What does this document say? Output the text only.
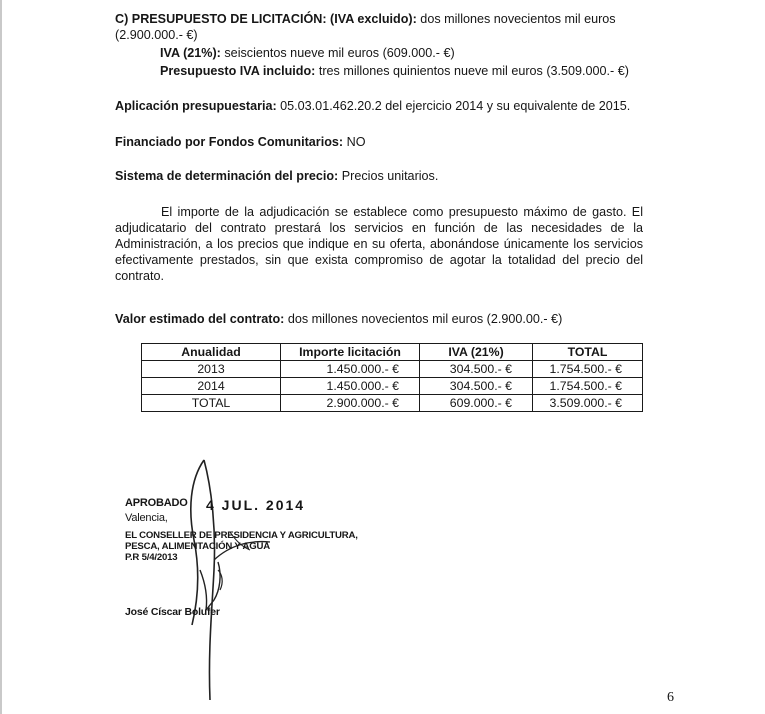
C) PRESUPUESTO DE LICITACIÓN: (IVA excluido): dos millones novecientos mil euros
(2.900.000.- €)
IVA (21%): seiscientos nueve mil euros (609.000.- €)
Presupuesto IVA incluido: tres millones quinientos nueve mil euros (3.509.000.- €)
Aplicación presupuestaria: 05.03.01.462.20.2 del ejercicio 2014 y su equivalente de 2015.
Financiado por Fondos Comunitarios: NO
Sistema de determinación del precio: Precios unitarios.
El importe de la adjudicación se establece como presupuesto máximo de gasto. El adjudicatario del contrato prestará los servicios en función de las necesidades de la Administración, a los precios que indique en su oferta, abonándose únicamente los servicios efectivamente prestados, sin que exista compromiso de agotar la totalidad del precio del contrato.
Valor estimado del contrato: dos millones novecientos mil euros (2.900.00.- €)
Anualidad	Importe licitación	IVA (21%)	TOTAL
2013	1.450.000.- €	304.500.- €	1.754.500.- €
2014	1.450.000.- €	304.500.- €	1.754.500.- €
TOTAL	2.900.000.- €	609.000.- €	3.509.000.- €
APROBADO 4 JUL. 2014
Valencia,
EL CONSELLER DE PRESIDENCIA Y AGRICULTURA,
PESCA, ALIMENTACIÓN Y AGUA
P.R 5/4/2013
José Císcar Bolufer
6
